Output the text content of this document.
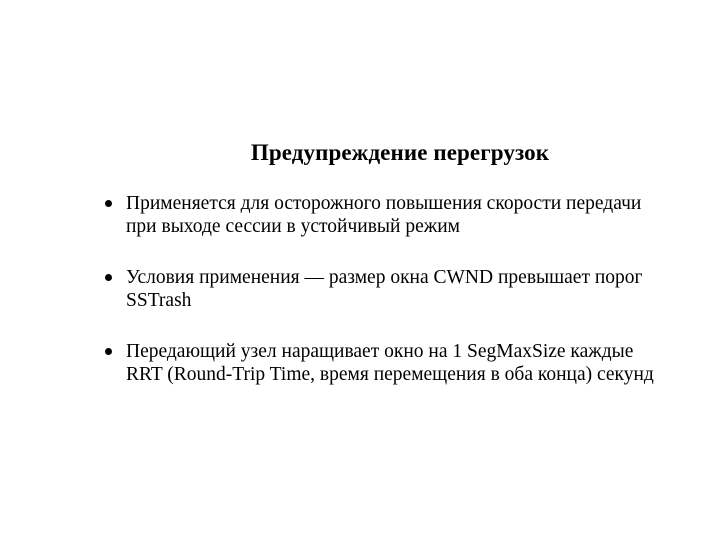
Предупреждение перегрузок
Применяется для осторожного повышения скорости передачи
при выходе сессии в устойчивый режим
Условия применения — размер окна CWND превышает порог
SSTrash
Передающий узел наращивает окно на 1 SegMaxSize каждые
RRT (Round-Trip Time, время перемещения в оба конца) секунд
